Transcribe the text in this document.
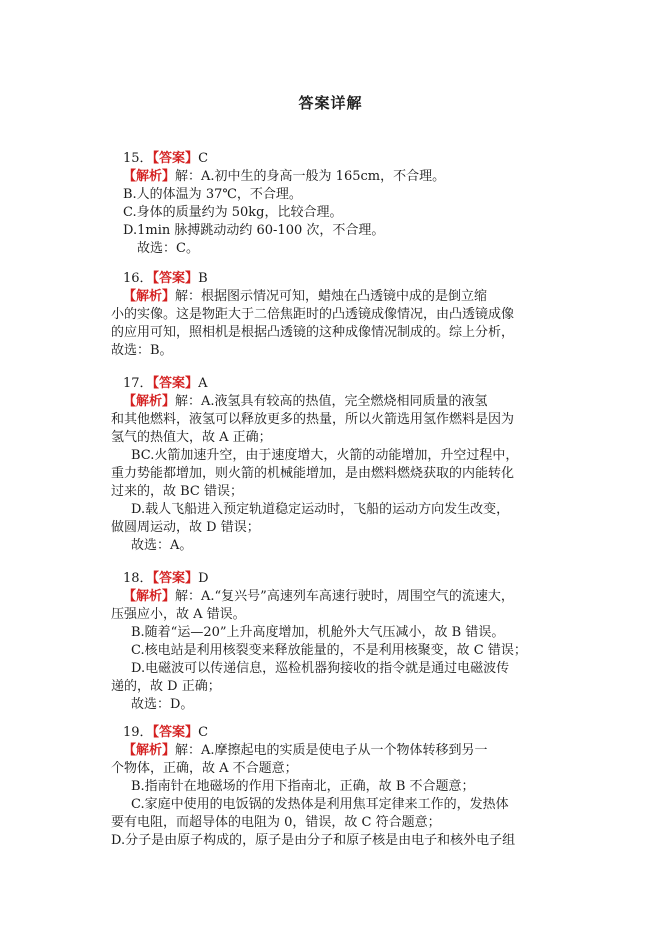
答案详解
15．【答案】C
【解析】解：A.初中生的身高一般为 165cm，不合理。
B.人的体温为 37℃，不合理。
C.身体的质量约为 50kg，比较合理。
D.1min 脉搏跳动动约 60-100 次，不合理。
故选：C。
16．【答案】B
【解析】解：根据图示情况可知，蜡烛在凸透镜中成的是倒立缩
小的实像。这是物距大于二倍焦距时的凸透镜成像情况，由凸透镜成像
的应用可知，照相机是根据凸透镜的这种成像情况制成的。综上分析，
故选：B。
17．【答案】A
【解析】解：A.液氢具有较高的热值，完全燃烧相同质量的液氢
和其他燃料，液氢可以释放更多的热量，所以火箭选用氢作燃料是因为
氢气的热值大，故 A 正确；
BC.火箭加速升空，由于速度增大，火箭的动能增加，升空过程中，
重力势能都增加，则火箭的机械能增加，是由燃料燃烧获取的内能转化
过来的，故 BC 错误；
D.载人飞船进入预定轨道稳定运动时，飞船的运动方向发生改变，
做圆周运动，故 D 错误；
故选：A。
18．【答案】D
【解析】解：A.“复兴号”高速列车高速行驶时，周围空气的流速大，
压强应小，故 A 错误。
B.随着“运—20”上升高度增加，机舱外大气压减小，故 B 错误。
C.核电站是利用核裂变来释放能量的，不是利用核聚变，故 C 错误；
D.电磁波可以传递信息，巡检机器狗接收的指令就是通过电磁波传
递的，故 D 正确；
故选：D。
19．【答案】C
【解析】解：A.摩擦起电的实质是使电子从一个物体转移到另一
个物体，正确，故 A 不合题意；
B.指南针在地磁场的作用下指南北，正确，故 B 不合题意；
C.家庭中使用的电饭锅的发热体是利用焦耳定律来工作的，发热体
要有电阻，而超导体的电阻为 0，错误，故 C 符合题意；
D.分子是由原子构成的，原子是由分子和原子核是由电子和核外电子组
